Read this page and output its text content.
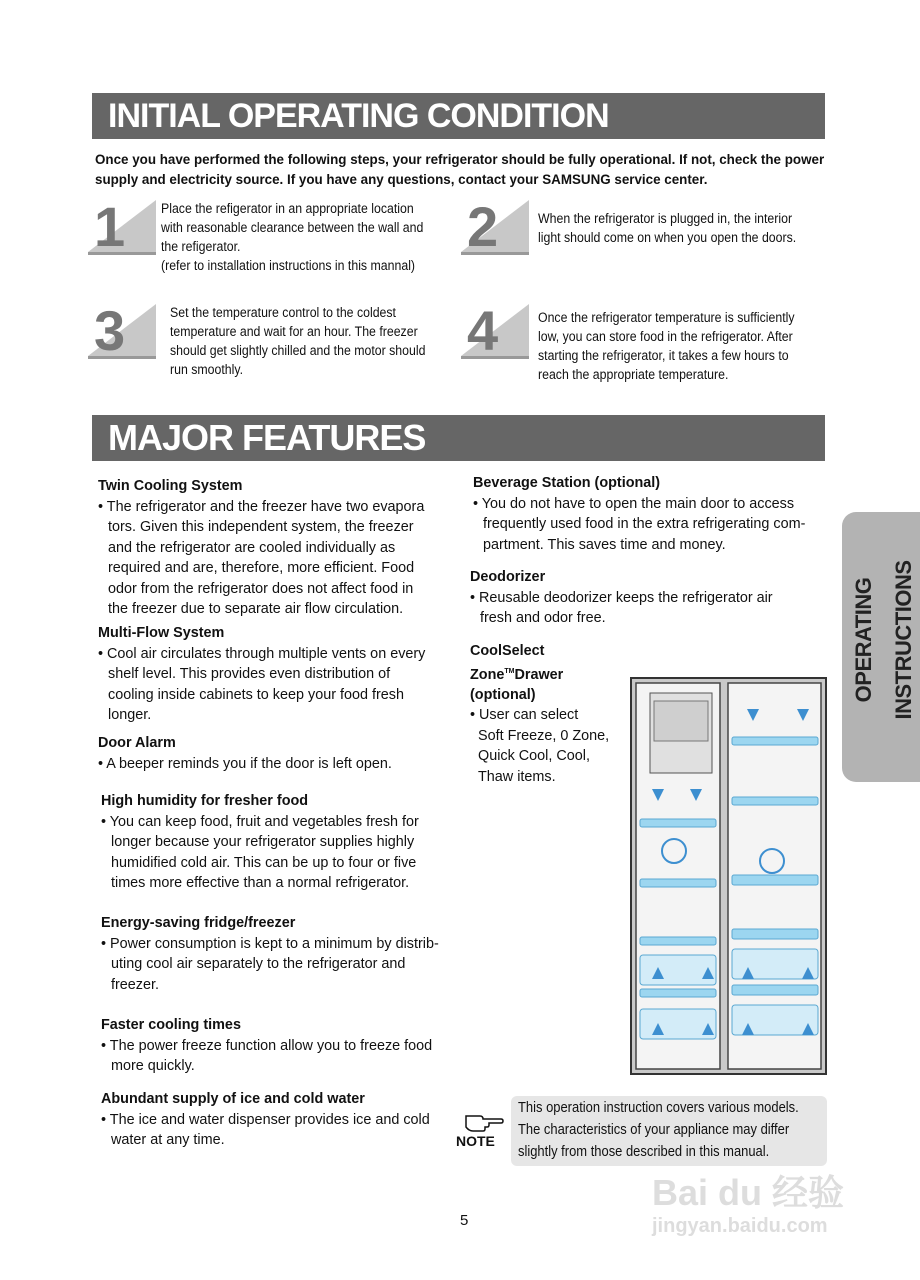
INITIAL OPERATING CONDITION
Once you have performed the following steps, your refrigerator should be fully operational. If not, check the power supply and electricity source. If you have any questions, contact your SAMSUNG service center.
1	Place the refigerator in an appropriate location
with reasonable clearance between the wall and
the refigerator.
(refer to installation instructions in this mannal)
2	When the refrigerator is plugged in, the interior
light should come on when you open the doors.
3	Set the temperature control to the coldest
temperature and wait for an hour. The freezer
should get slightly chilled and the motor should
run smoothly.
4	Once the refrigerator temperature is sufficiently
low, you can store food in the refrigerator. After
starting the refrigerator, it takes a few hours to
reach the appropriate temperature.
MAJOR FEATURES
Twin Cooling System

• The refrigerator and the freezer have two evapora
tors. Given this independent system, the freezer
and the refrigerator are cooled individually as
required and are, therefore, more efficient. Food
odor from the refrigerator does not affect food in
the freezer due to separate air flow circulation.

Multi-Flow System

• Cool air circulates through multiple vents on every
shelf level. This provides even distribution of
cooling inside cabinets to keep your food fresh
longer.

Door Alarm

• A beeper reminds you if the door is left open.

High humidity for fresher food

• You can keep food, fruit and vegetables fresh for
longer because your refrigerator supplies highly
humidified cold air. This can be up to four or five
times more effective than a normal refrigerator.

Energy-saving fridge/freezer

• Power consumption is kept to a minimum by distrib-
uting cool air separately to the refrigerator and
freezer.

Faster cooling times

• The power freeze function allow you to freeze food
more quickly.

Abundant supply of ice and cold water

• The ice and water dispenser provides ice and cold
water at any time.

Beverage Station (optional)

• You do not have to open the main door to access
frequently used food in the extra refrigerating com-
partment. This saves time and money.

Deodorizer

• Reusable deodorizer keeps the refrigerator air
fresh and odor free.

CoolSelect
Zone™Drawer
(optional)

• User can select
Soft Freeze, 0 Zone,
Quick Cool, Cool,
Thaw items.

OPERATING INSTRUCTIONS
NOTE
This operation instruction covers various models.
The characteristics of your appliance may differ
slightly from those described in this manual.
5
Bai du 经验
jingyan.baidu.com
